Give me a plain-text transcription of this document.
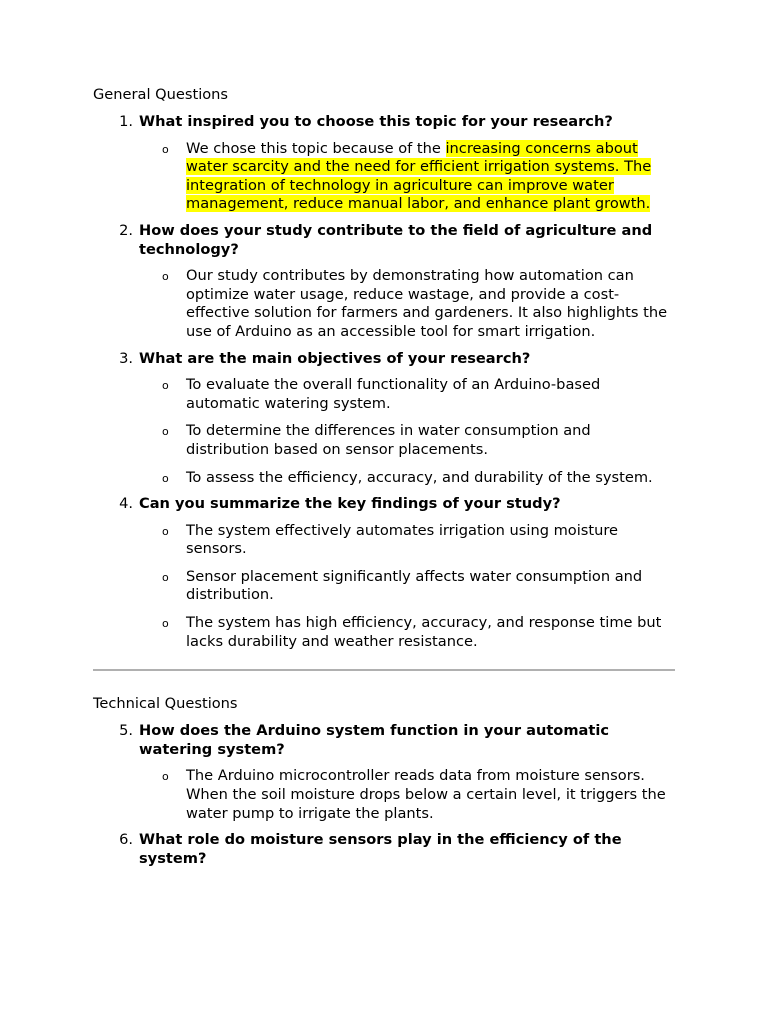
General Questions
1. What inspired you to choose this topic for your research?
o We chose this topic because of the increasing concerns about water scarcity and the need for efficient irrigation systems. The integration of technology in agriculture can improve water management, reduce manual labor, and enhance plant growth.
2. How does your study contribute to the field of agriculture and technology?
o Our study contributes by demonstrating how automation can optimize water usage, reduce wastage, and provide a cost-effective solution for farmers and gardeners. It also highlights the use of Arduino as an accessible tool for smart irrigation.
3. What are the main objectives of your research?
o To evaluate the overall functionality of an Arduino-based automatic watering system.
o To determine the differences in water consumption and distribution based on sensor placements.
o To assess the efficiency, accuracy, and durability of the system.
4. Can you summarize the key findings of your study?
o The system effectively automates irrigation using moisture sensors.
o Sensor placement significantly affects water consumption and distribution.
o The system has high efficiency, accuracy, and response time but lacks durability and weather resistance.
Technical Questions
5. How does the Arduino system function in your automatic watering system?
o The Arduino microcontroller reads data from moisture sensors. When the soil moisture drops below a certain level, it triggers the water pump to irrigate the plants.
6. What role do moisture sensors play in the efficiency of the system?
